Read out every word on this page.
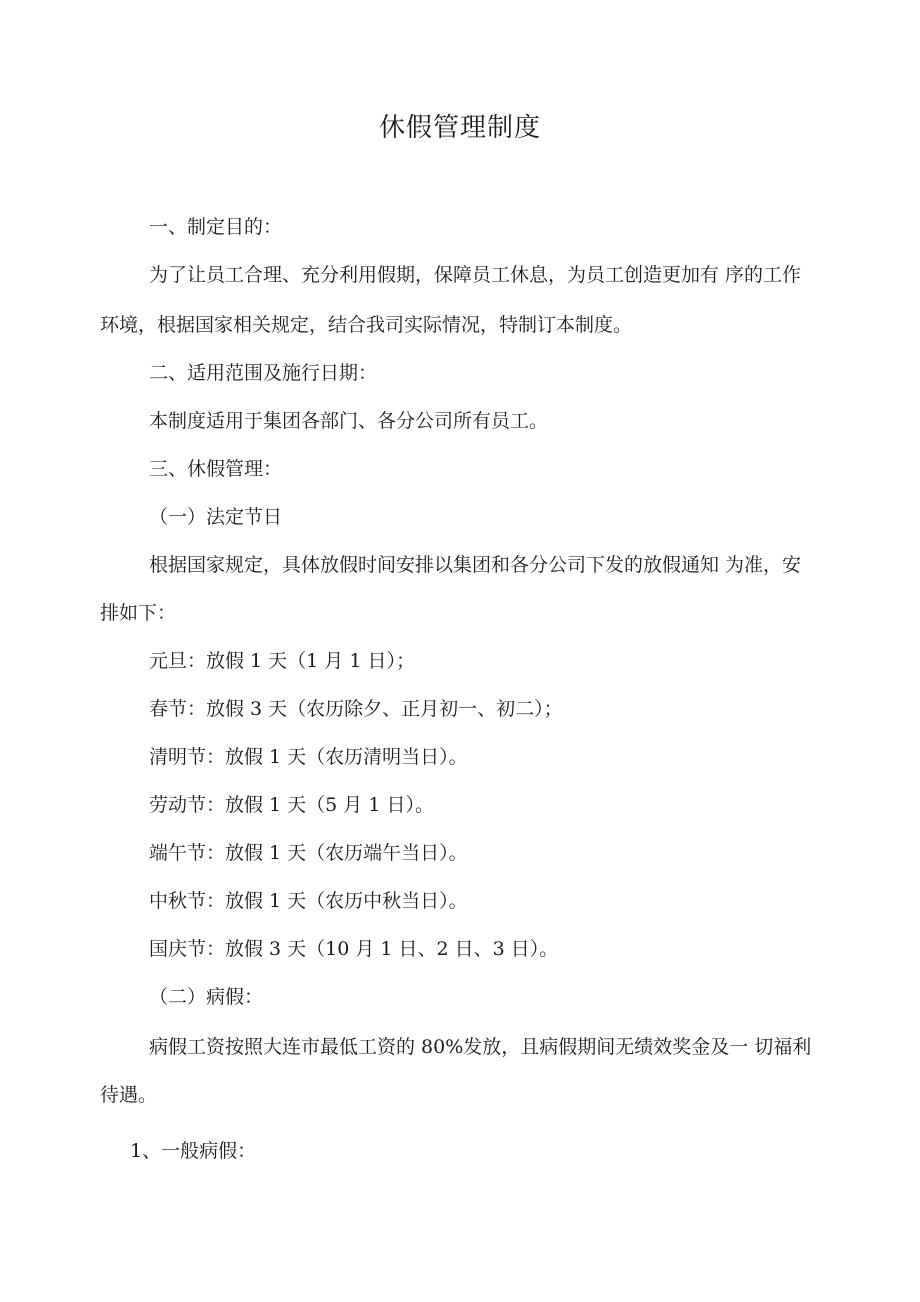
休假管理制度

一、制定目的：

为了让员工合理、充分利用假期，保障员工休息，为员工创造更加有 序的工作

环境，根据国家相关规定，结合我司实际情况，特制订本制度。

二、适用范围及施行日期：

本制度适用于集团各部门、各分公司所有员工。

三、休假管理：

（一）法定节日

根据国家规定，具体放假时间安排以集团和各分公司下发的放假通知 为准，安

排如下：

元旦：放假 1 天（1 月 1 日）；

春节：放假 3 天（农历除夕、正月初一、初二）；

清明节：放假 1 天（农历清明当日）。

劳动节：放假 1 天（5 月 1 日）。

端午节：放假 1 天（农历端午当日）。

中秋节：放假 1 天（农历中秋当日）。

国庆节：放假 3 天（10 月 1 日、2 日、3 日）。

（二）病假：

病假工资按照大连市最低工资的 80%发放，且病假期间无绩效奖金及一 切福利

待遇。

1、一般病假：
